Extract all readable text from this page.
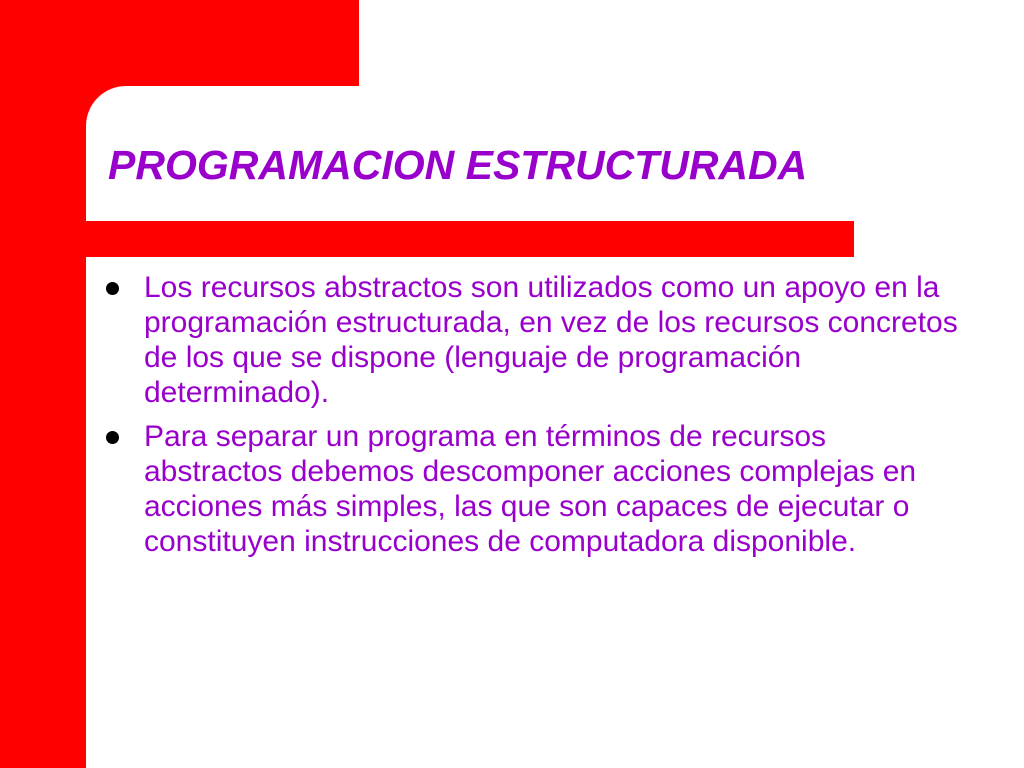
PROGRAMACION ESTRUCTURADA
Los recursos abstractos son utilizados como un apoyo en la programación estructurada, en vez de los recursos concretos de los que se dispone (lenguaje de programación determinado).
Para separar un programa en términos de recursos abstractos debemos descomponer acciones complejas en acciones más simples, las que son capaces de ejecutar o constituyen instrucciones de computadora disponible.
